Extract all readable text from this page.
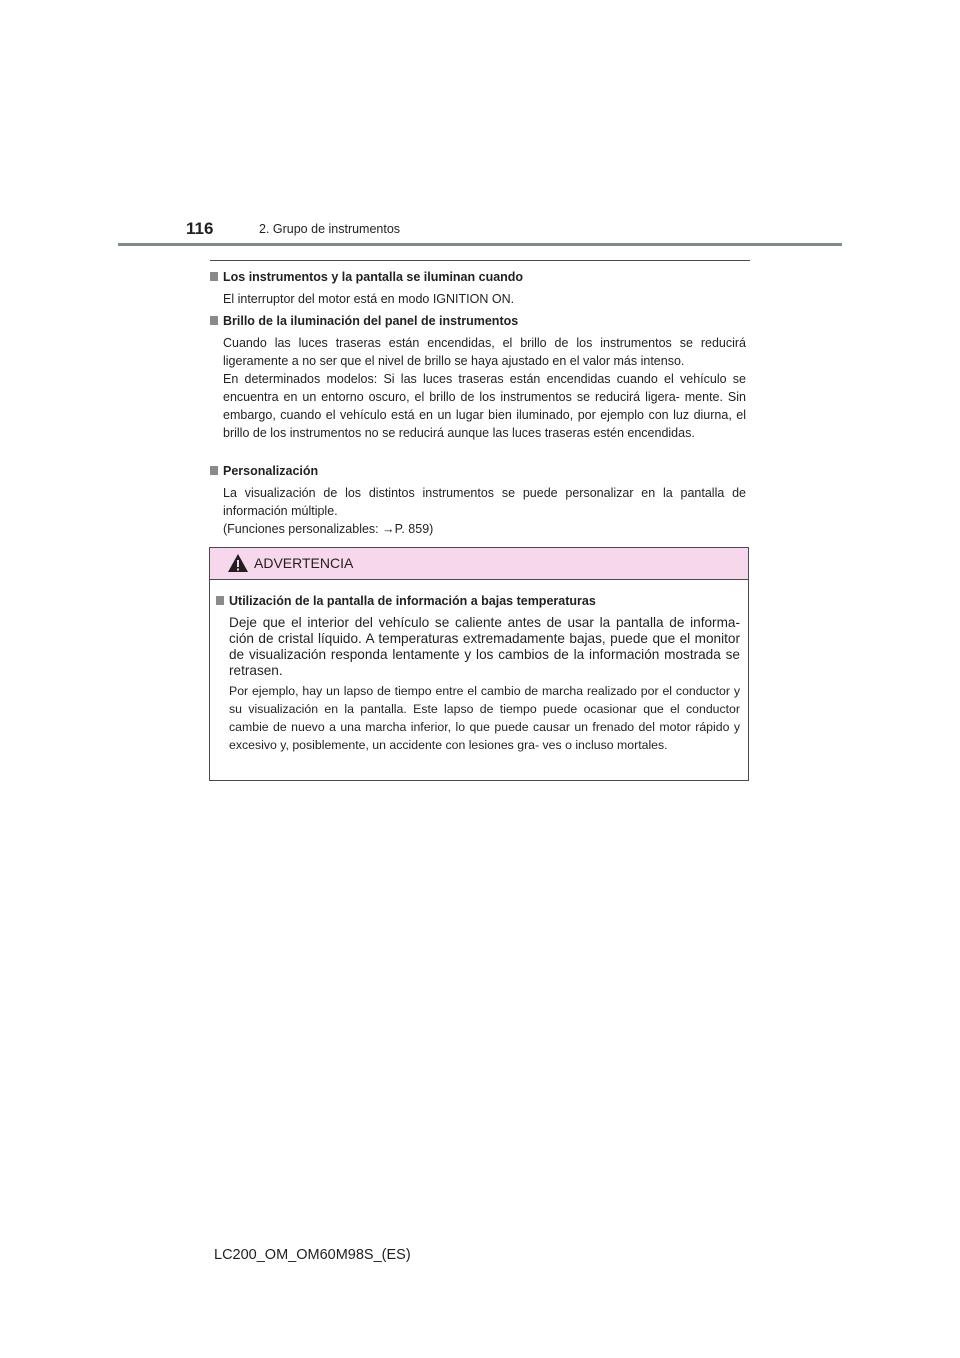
116	2. Grupo de instrumentos
Los instrumentos y la pantalla se iluminan cuando
El interruptor del motor está en modo IGNITION ON.
Brillo de la iluminación del panel de instrumentos
Cuando las luces traseras están encendidas, el brillo de los instrumentos se reducirá ligeramente a no ser que el nivel de brillo se haya ajustado en el valor más intenso.
En determinados modelos: Si las luces traseras están encendidas cuando el vehículo se encuentra en un entorno oscuro, el brillo de los instrumentos se reducirá ligera- mente. Sin embargo, cuando el vehículo está en un lugar bien iluminado, por ejemplo con luz diurna, el brillo de los instrumentos no se reducirá aunque las luces traseras estén encendidas.
Personalización
La visualización de los distintos instrumentos se puede personalizar en la pantalla de información múltiple.
(Funciones personalizables: →P. 859)
ADVERTENCIA
Utilización de la pantalla de información a bajas temperaturas
Deje que el interior del vehículo se caliente antes de usar la pantalla de informa- ción de cristal líquido. A temperaturas extremadamente bajas, puede que el monitor de visualización responda lentamente y los cambios de la información mostrada se retrasen.
Por ejemplo, hay un lapso de tiempo entre el cambio de marcha realizado por el conductor y su visualización en la pantalla. Este lapso de tiempo puede ocasionar que el conductor cambie de nuevo a una marcha inferior, lo que puede causar un frenado del motor rápido y excesivo y, posiblemente, un accidente con lesiones gra- ves o incluso mortales.
LC200_OM_OM60M98S_(ES)
